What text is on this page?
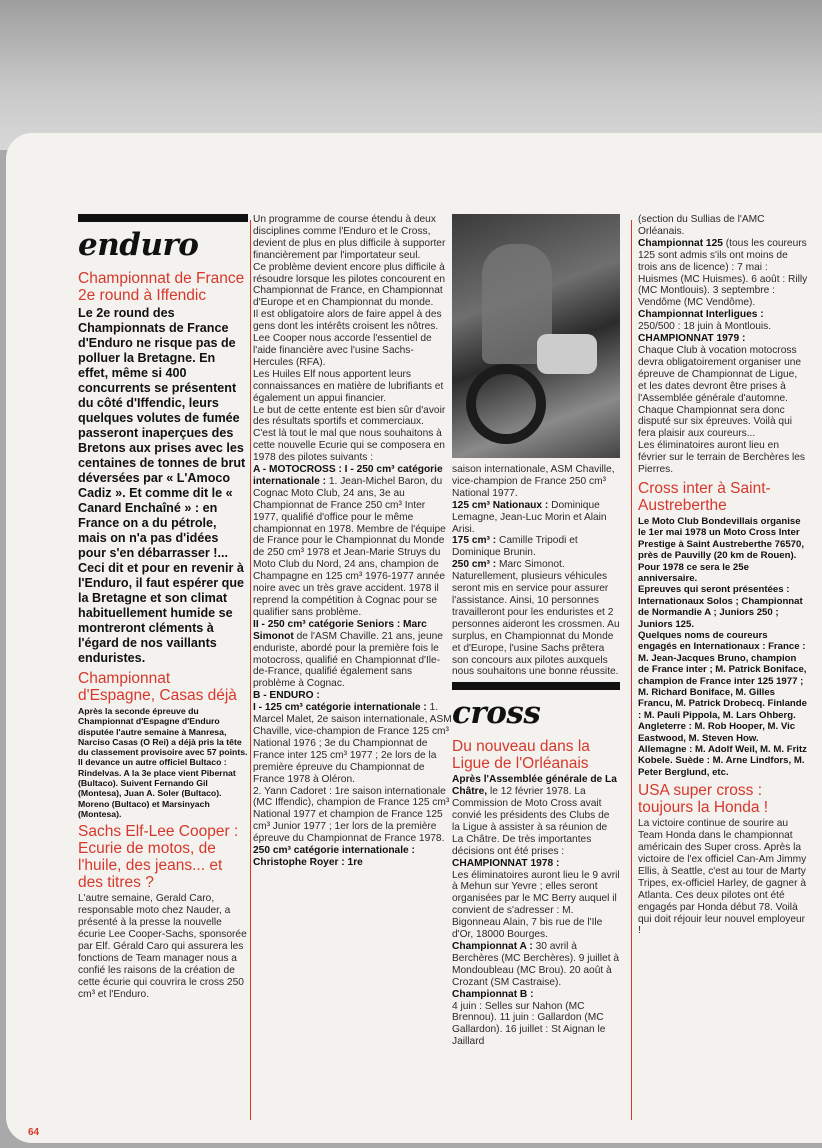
enduro
Championnat de France 2e round à Iffendic

Le 2e round des Championnats de France d'Enduro ne risque pas de polluer la Bretagne. En effet, même si 400 concurrents se présentent du côté d'Iffendic, leurs quelques volutes de fumée passeront inaperçues des Bretons aux prises avec les centaines de tonnes de brut déversées par « L'Amoco Cadiz ». Et comme dit le « Canard Enchaîné » : en France on a du pétrole, mais on n'a pas d'idées pour s'en débarrasser !...

Ceci dit et pour en revenir à l'Enduro, il faut espérer que la Bretagne et son climat habituellement humide se montreront cléments à l'égard de nos vaillants enduristes.

Championnat d'Espagne, Casas déjà

Après la seconde épreuve du Championnat d'Espagne d'Enduro disputée l'autre semaine à Manresa, Narciso Casas (O Rei) a déjà pris la tête du classement provisoire avec 57 points. Il devance un autre officiel Bultaco : Rindelvas. A la 3e place vient Pibernat (Bultaco). Suivent Fernando Gil (Montesa), Juan A. Soler (Bultaco). Moreno (Bultaco) et Marsinyach (Montesa).

Sachs Elf-Lee Cooper : Ecurie de motos, de l'huile, des jeans... et des titres ?

L'autre semaine, Gerald Caro, responsable moto chez Nauder, a présenté à la presse la nouvelle écurie Lee Cooper-Sachs, sponsorée par Elf. Gérald Caro qui assurera les fonctions de Team manager nous a confié les raisons de la création de cette écurie qui couvrira le cross 250 cm³ et l'Enduro.

Un programme de course étendu à deux disciplines comme l'Enduro et le Cross, devient de plus en plus difficile à supporter financièrement par l'importateur seul.

Ce problème devient encore plus difficile à résoudre lorsque les pilotes concourent en Championnat de France, en Championnat d'Europe et en Championnat du monde.

Il est obligatoire alors de faire appel à des gens dont les intérêts croisent les nôtres.

Lee Cooper nous accorde l'essentiel de l'aide financière avec l'usine Sachs-Hercules (RFA).

Les Huiles Elf nous apportent leurs connaissances en matière de lubrifiants et également un appui financier.

Le but de cette entente est bien sûr d'avoir des résultats sportifs et commerciaux.

C'est là tout le mal que nous souhaitons à cette nouvelle Ecurie qui se composera en 1978 des pilotes suivants :

A - MOTOCROSS : I - 250 cm³ catégorie internationale : 1. Jean-Michel Baron, du Cognac Moto Club, 24 ans, 3e au Championnat de France 250 cm³ Inter 1977, qualifié d'office pour le même championnat en 1978. Membre de l'équipe de France pour le Championnat du Monde de 250 cm³ 1978 et Jean-Marie Struys du Moto Club du Nord, 24 ans, champion de Champagne en 125 cm³ 1976-1977 année noire avec un très grave accident. 1978 il reprend la compétition à Cognac pour se qualifier sans problème.

II - 250 cm³ catégorie Seniors : Marc Simonot de l'ASM Chaville. 21 ans, jeune enduriste, abordé pour la première fois le motocross, qualifié en Championnat d'Ile-de-France, qualifié également sans problème à Cognac.

B - ENDURO :

I - 125 cm³ catégorie internationale : 1. Marcel Malet, 2e saison internationale, ASM Chaville, vice-champion de France 125 cm³ National 1976 ; 3e du Championnat de France inter 125 cm³ 1977 ; 2e lors de la première épreuve du Championnat de France 1978 à Oléron.

2. Yann Cadoret : 1re saison internationale (MC Iffendic), champion de France 125 cm³ National 1977 et champion de France 125 cm³ Junior 1977 ; 1er lors de la première épreuve du Championnat de France 1978.

250 cm³ catégorie internationale : Christophe Royer : 1re

saison internationale, ASM Chaville, vice-champion de France 250 cm³ National 1977.

125 cm³ Nationaux : Dominique Lemagne, Jean-Luc Morin et Alain Arisi.

175 cm³ : Camille Tripodi et Dominique Brunin.

250 cm³ : Marc Simonot.

Naturellement, plusieurs véhicules seront mis en service pour assurer l'assistance. Ainsi, 10 personnes travailleront pour les enduristes et 2 personnes aideront les crossmen. Au surplus, en Championnat du Monde et d'Europe, l'usine Sachs prêtera son concours aux pilotes auxquels nous souhaitons une bonne réussite.

cross
Du nouveau dans la Ligue de l'Orléanais

Après l'Assemblée générale de La Châtre, le 12 février 1978. La Commission de Moto Cross avait convié les présidents des Clubs de la Ligue à assister à sa réunion de La Châtre. De très importantes décisions ont été prises :

CHAMPIONNAT 1978 :

Les éliminatoires auront lieu le 9 avril à Mehun sur Yevre ; elles seront organisées par le MC Berry auquel il convient de s'adresser : M. Bigonneau Alain, 7 bis rue de l'Ile d'Or, 18000 Bourges.

Championnat A : 30 avril à Berchères (MC Berchères). 9 juillet à Mondoubleau (MC Brou). 20 août à Crozant (SM Castraise).

Championnat B :

4 juin : Selles sur Nahon (MC Brennou). 11 juin : Gallardon (MC Gallardon). 16 juillet : St Aignan le Jaillard

(section du Sullias de l'AMC Orléanais.

Championnat 125 (tous les coureurs 125 sont admis s'ils ont moins de trois ans de licence) : 7 mai : Huismes (MC Huismes). 6 août : Rilly (MC Montlouis). 3 septembre : Vendôme (MC Vendôme).

Championnat Interligues :

250/500 : 18 juin à Montlouis.

CHAMPIONNAT 1979 :

Chaque Club à vocation motocross devra obligatoirement organiser une épreuve de Championnat de Ligue, et les dates devront être prises à l'Assemblée générale d'automne. Chaque Championnat sera donc disputé sur six épreuves. Voilà qui fera plaisir aux coureurs...

Les éliminatoires auront lieu en février sur le terrain de Berchères les Pierres.

Cross inter à Saint-Austreberthe

Le Moto Club Bondevillais organise le 1er mai 1978 un Moto Cross Inter Prestige à Saint Austreberthe 76570, près de Pauvilly (20 km de Rouen). Pour 1978 ce sera le 25e anniversaire.

Epreuves qui seront présentées : Internationaux Solos ; Championnat de Normandie A ; Juniors 250 ; Juniors 125.

Quelques noms de coureurs engagés en Internationaux : France : M. Jean-Jacques Bruno, champion de France inter ; M. Patrick Boniface, champion de France inter 125 1977 ; M. Richard Boniface, M. Gilles Francu, M. Patrick Drobecq. Finlande : M. Pauli Pippola, M. Lars Ohberg. Angleterre : M. Rob Hooper, M. Vic Eastwood, M. Steven How. Allemagne : M. Adolf Weil, M. M. Fritz Kobele. Suède : M. Arne Lindfors, M. Peter Berglund, etc.

USA super cross : toujours la Honda !

La victoire continue de sourire au Team Honda dans le championnat américain des Super cross. Après la victoire de l'ex officiel Can-Am Jimmy Ellis, à Seattle, c'est au tour de Marty Tripes, ex-officiel Harley, de gagner à Atlanta. Ces deux pilotes ont été engagés par Honda début 78. Voilà qui doit réjouir leur nouvel employeur !

64
